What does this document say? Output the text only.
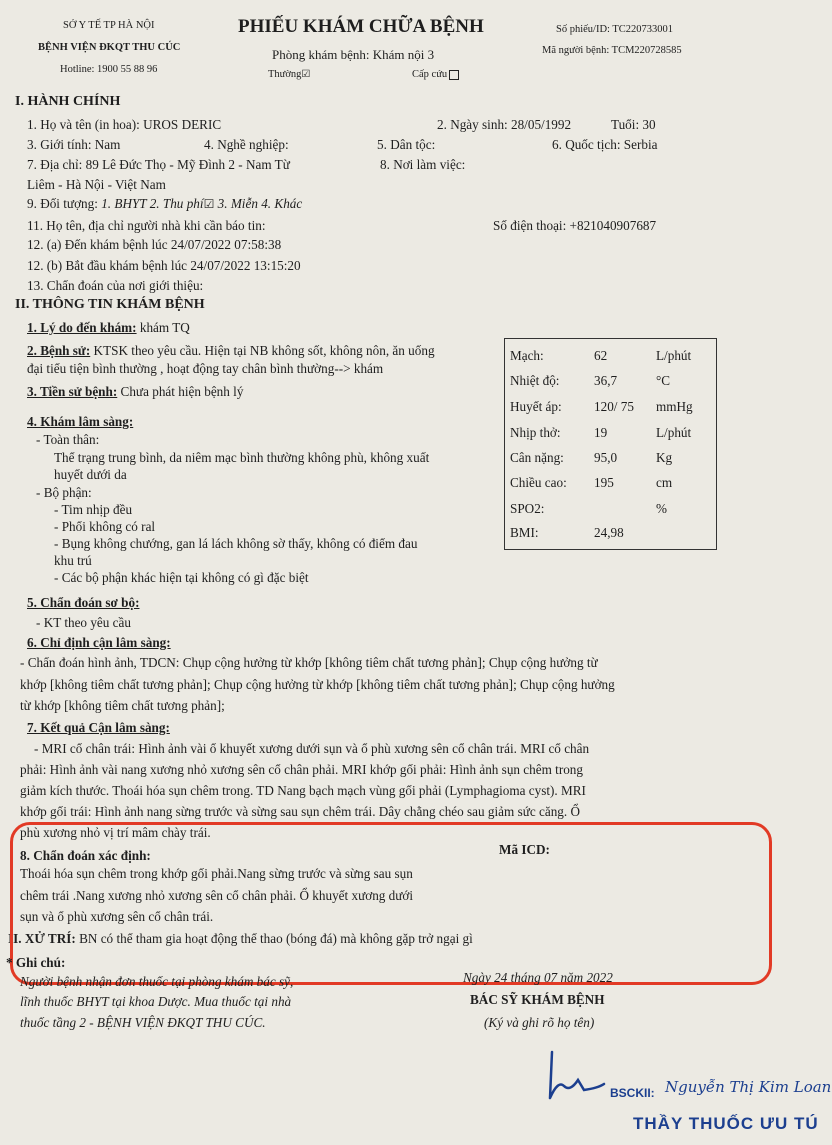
SỞ Y TẾ TP HÀ NỘI
BỆNH VIỆN ĐKQT THU CÚC
Hotline: 1900 55 88 96
PHIẾU KHÁM CHỮA BỆNH
Phòng khám bệnh: Khám nội 3
Thường☑	Cấp cứu
Số phiếu/ID: TC220733001
Mã người bệnh: TCM220728585
I. HÀNH CHÍNH
1. Họ và tên (in hoa): UROS DERIC	2. Ngày sinh: 28/05/1992	Tuổi: 30
3. Giới tính: Nam	4. Nghề nghiệp:	5. Dân tộc:	6. Quốc tịch: Serbia
7. Địa chỉ: 89 Lê Đức Thọ - Mỹ Đình 2 - Nam Từ	8. Nơi làm việc:
Liêm - Hà Nội - Việt Nam
9. Đối tượng: 1. BHYT 2. Thu phí☑ 3. Miễn 4. Khác
11. Họ tên, địa chỉ người nhà khi cần báo tin:	Số điện thoại: +821040907687
12. (a) Đến khám bệnh lúc 24/07/2022 07:58:38
12. (b) Bắt đầu khám bệnh lúc 24/07/2022 13:15:20
13. Chẩn đoán của nơi giới thiệu:
II. THÔNG TIN KHÁM BỆNH
1. Lý do đến khám: khám TQ
2. Bệnh sử: KTSK theo yêu cầu. Hiện tại NB không sốt, không nôn, ăn uống
đại tiểu tiện bình thường , hoạt động tay chân bình thường--> khám
3. Tiền sử bệnh: Chưa phát hiện bệnh lý
4. Khám lâm sàng:
- Toàn thân:
Thể trạng trung bình, da niêm mạc bình thường không phù, không xuất
huyết dưới da
- Bộ phận:
- Tim nhịp đều
- Phổi không có ral
- Bụng không chướng, gan lá lách không sờ thấy, không có điểm đau
khu trú
- Các bộ phận khác hiện tại không có gì đặc biệt
Mạch:	62	L/phút
Nhiệt độ:	36,7	°C
Huyết áp: 120/ 75 mmHg
Nhịp thở:	19	L/phút
Cân nặng: 95,0	Kg
Chiều cao: 195	cm
SPO2:	%
BMI:	24,98
5. Chẩn đoán sơ bộ:
- KT theo yêu cầu
6. Chỉ định cận lâm sàng:
- Chẩn đoán hình ảnh, TDCN: Chụp cộng hưởng từ khớp [không tiêm chất tương phản]; Chụp cộng hưởng từ
khớp [không tiêm chất tương phản]; Chụp cộng hưởng từ khớp [không tiêm chất tương phản]; Chụp cộng hưởng
từ khớp [không tiêm chất tương phản];
7. Kết quả Cận lâm sàng:
- MRI cổ chân trái: Hình ảnh vài ổ khuyết xương dưới sụn và ổ phù xương sên cổ chân trái. MRI cổ chân
phải: Hình ảnh vài nang xương nhỏ xương sên cổ chân phải. MRI khớp gối phải: Hình ảnh sụn chêm trong
giảm kích thước. Thoái hóa sụn chêm trong. TD Nang bạch mạch vùng gối phải (Lymphagioma cyst). MRI
khớp gối trái: Hình ảnh nang sừng trước và sừng sau sụn chêm trái. Dây chằng chéo sau giảm sức căng. Ổ
phù xương nhỏ vị trí mâm chày trái.
8. Chẩn đoán xác định:	Mã ICD:
Thoái hóa sụn chêm trong khớp gối phải.Nang sừng trước và sừng sau sụn
chêm trái .Nang xương nhỏ xương sên cổ chân phải. Ổ khuyết xương dưới
sụn và ổ phù xương sên cổ chân trái.
II. XỬ TRÍ: BN có thể tham gia hoạt động thể thao (bóng đá) mà không gặp trở ngại gì
* Ghi chú:
Người bệnh nhận đơn thuốc tại phòng khám bác sỹ,
lĩnh thuốc BHYT tại khoa Dược. Mua thuốc tại nhà
thuốc tầng 2 - BỆNH VIỆN ĐKQT THU CÚC.
Ngày 24 tháng 07 năm 2022
BÁC SỸ KHÁM BỆNH
(Ký và ghi rõ họ tên)
BSCKII: Nguyễn Thị Kim Loan
THẦY THUỐC ƯU TÚ
